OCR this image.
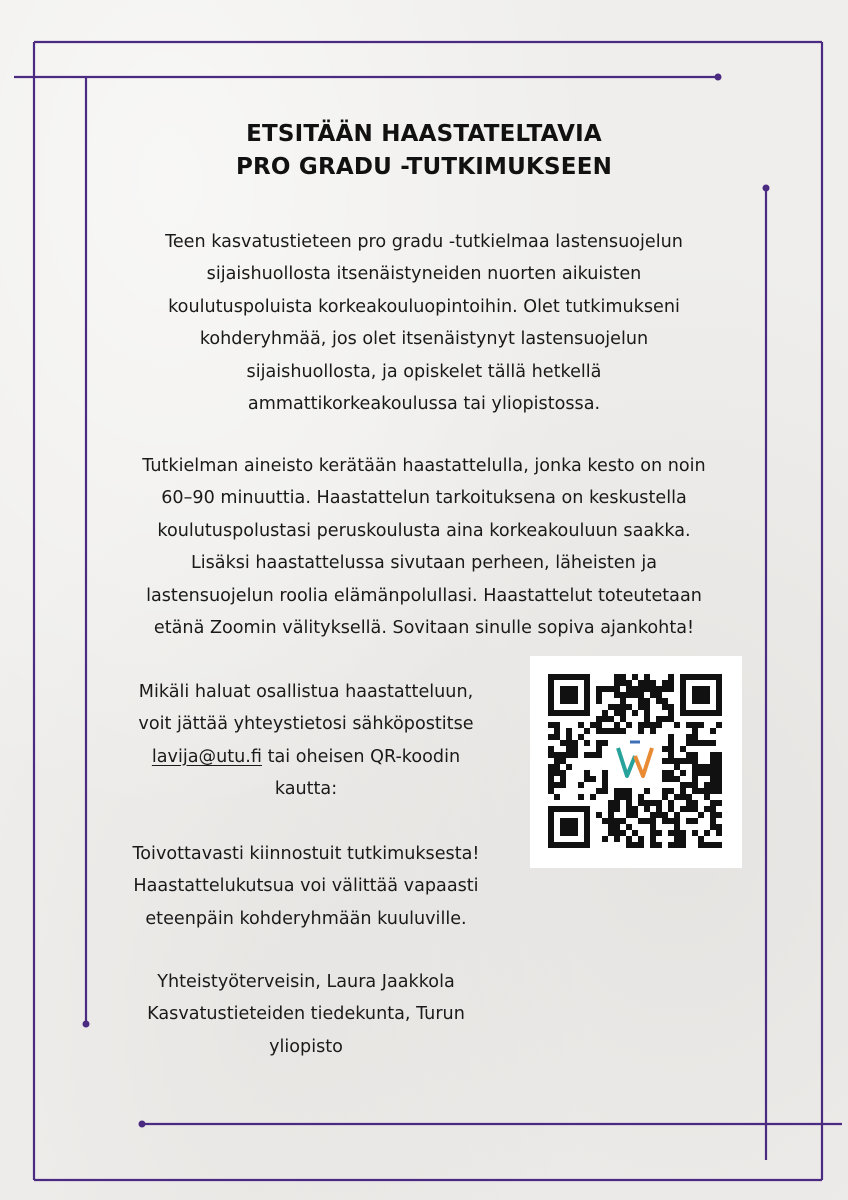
ETSITÄÄN HAASTATELTAVIA
PRO GRADU -TUTKIMUKSEEN
Teen kasvatustieteen pro gradu -tutkielmaa lastensuojelun
sijaishuollosta itsenäistyneiden nuorten aikuisten
koulutuspoluista korkeakouluopintoihin. Olet tutkimukseni
kohderyhmää, jos olet itsenäistynyt lastensuojelun
sijaishuollosta, ja opiskelet tällä hetkellä
ammattikorkeakoulussa tai yliopistossa.
Tutkielman aineisto kerätään haastattelulla, jonka kesto on noin
60–90 minuuttia. Haastattelun tarkoituksena on keskustella
koulutuspolustasi peruskoulusta aina korkeakouluun saakka.
Lisäksi haastattelussa sivutaan perheen, läheisten ja
lastensuojelun roolia elämänpolullasi. Haastattelut toteutetaan
etänä Zoomin välityksellä. Sovitaan sinulle sopiva ajankohta!
Mikäli haluat osallistua haastatteluun,
voit jättää yhteystietosi sähköpostitse
lavija@utu.fi tai oheisen QR-koodin
kautta:
Toivottavasti kiinnostuit tutkimuksesta!
Haastattelukutsua voi välittää vapaasti
eteenpäin kohderyhmään kuuluville.
Yhteistyöterveisin, Laura Jaakkola
Kasvatustieteiden tiedekunta, Turun
yliopisto
